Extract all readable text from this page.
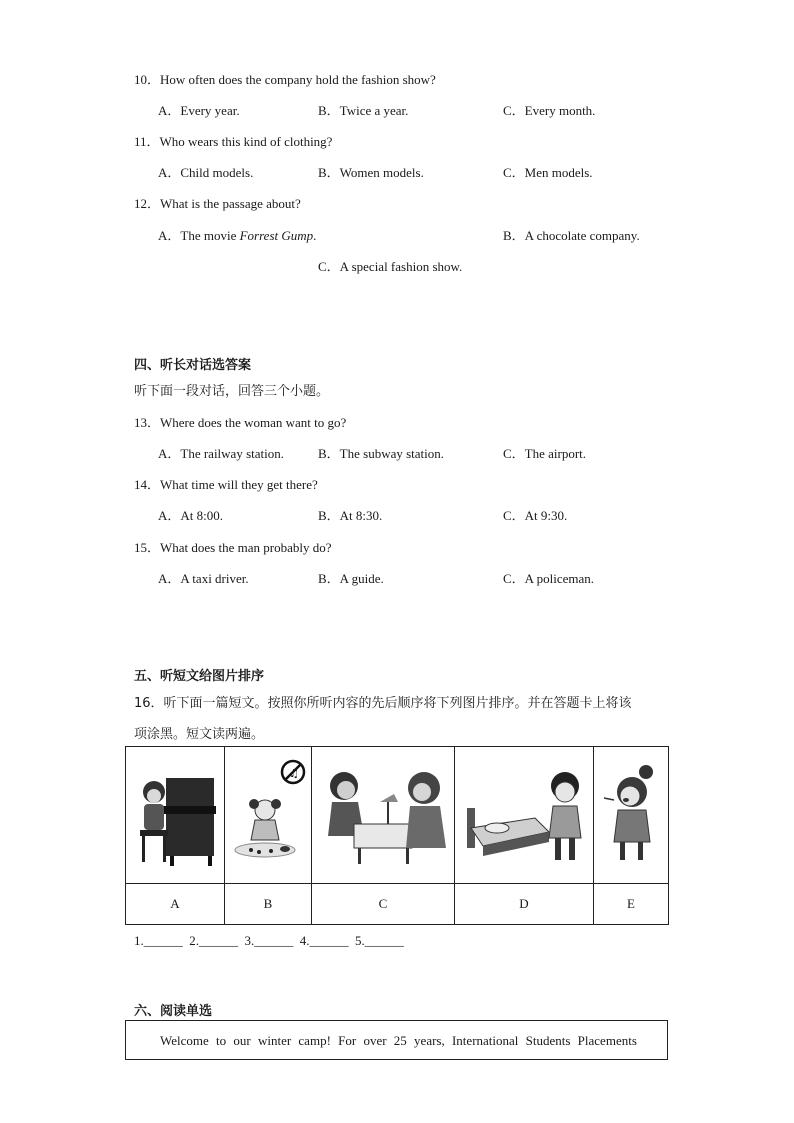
10．How often does the company hold the fashion show?
A．Every year.	B．Twice a year.	C．Every month.
11．Who wears this kind of clothing?
A．Child models.	B．Women models.	C．Men models.
12．What is the passage about?
A．The movie Forrest Gump.	B．A chocolate company.
C．A special fashion show.
四、听长对话选答案
听下面一段对话，回答三个小题。
13．Where does the woman want to go?
A．The railway station.	B．The subway station.	C．The airport.
14．What time will they get there?
A．At 8:00.	B．At 8:30.	C．At 9:30.
15．What does the man probably do?
A．A taxi driver.	B．A guide.	C．A policeman.
五、听短文给图片排序
16．听下面一篇短文。按照你所听内容的先后顺序将下列图片排序。并在答题卡上将该
项涂黑。短文读两遍。

♫

A	B	C	D	E
1.______  2.______  3.______  4.______  5.______
六、阅读单选
Welcome to our winter camp! For over 25 years, International Students Placements
